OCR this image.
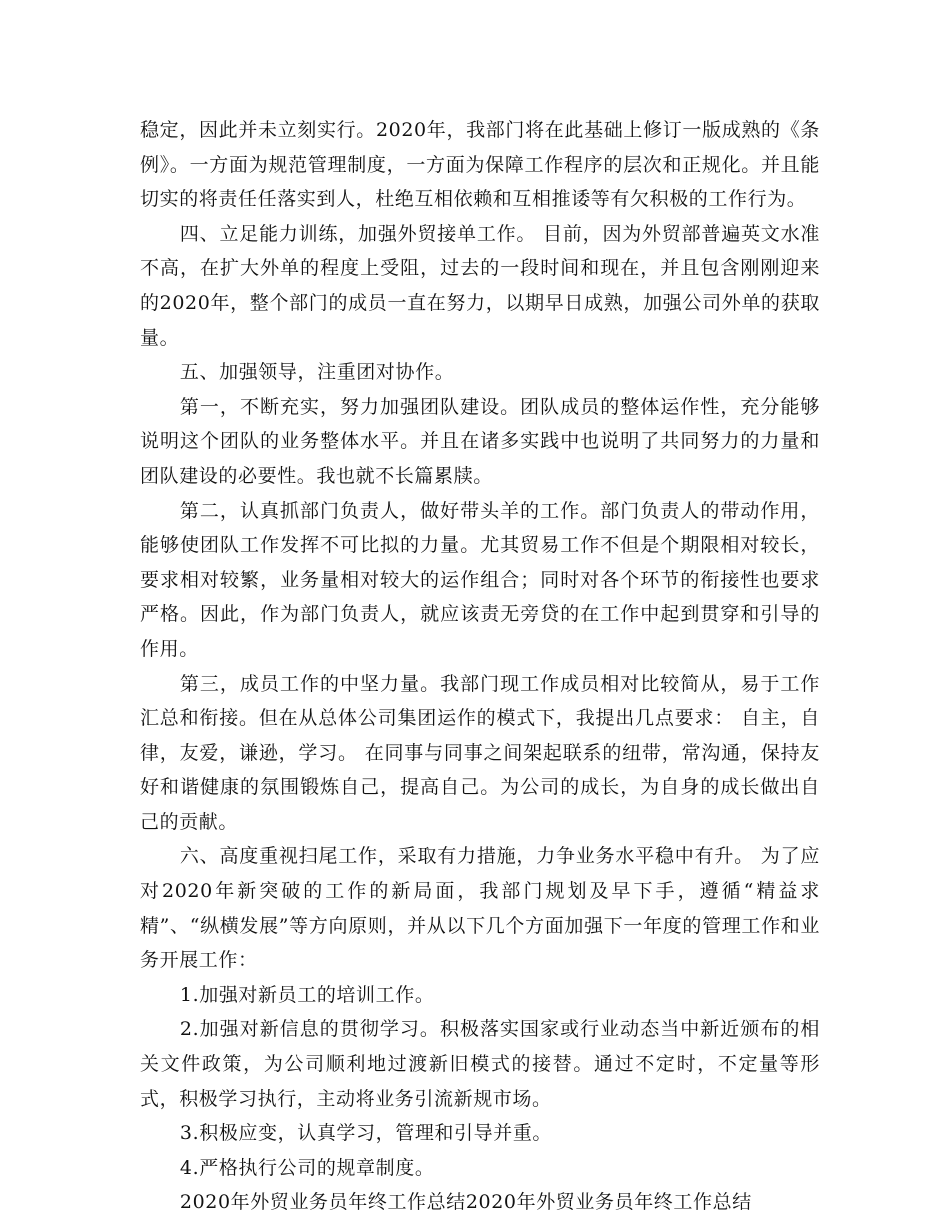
稳定，因此并未立刻实行。2020年，我部门将在此基础上修订一版成熟的《条例》。一方面为规范管理制度，一方面为保障工作程序的层次和正规化。并且能切实的将责任任落实到人，杜绝互相依赖和互相推诿等有欠积极的工作行为。

四、立足能力训练，加强外贸接单工作。 目前，因为外贸部普遍英文水准不高，在扩大外单的程度上受阻，过去的一段时间和现在，并且包含刚刚迎来的2020年，整个部门的成员一直在努力，以期早日成熟，加强公司外单的获取量。

五、加强领导，注重团对协作。

第一，不断充实，努力加强团队建设。团队成员的整体运作性，充分能够说明这个团队的业务整体水平。并且在诸多实践中也说明了共同努力的力量和团队建设的必要性。我也就不长篇累牍。

第二，认真抓部门负责人，做好带头羊的工作。部门负责人的带动作用，能够使团队工作发挥不可比拟的力量。尤其贸易工作不但是个期限相对较长，要求相对较繁，业务量相对较大的运作组合；同时对各个环节的衔接性也要求严格。因此，作为部门负责人，就应该责无旁贷的在工作中起到贯穿和引导的作用。

第三，成员工作的中坚力量。我部门现工作成员相对比较简从，易于工作汇总和衔接。但在从总体公司集团运作的模式下，我提出几点要求： 自主，自律，友爱，谦逊，学习。 在同事与同事之间架起联系的纽带，常沟通，保持友好和谐健康的氛围锻炼自己，提高自己。为公司的成长，为自身的成长做出自己的贡献。

六、高度重视扫尾工作，采取有力措施，力争业务水平稳中有升。 为了应对2020年新突破的工作的新局面，我部门规划及早下手，遵循“精益求精”、“纵横发展”等方向原则，并从以下几个方面加强下一年度的管理工作和业务开展工作：

1.加强对新员工的培训工作。

2.加强对新信息的贯彻学习。积极落实国家或行业动态当中新近颁布的相关文件政策，为公司顺利地过渡新旧模式的接替。通过不定时，不定量等形式，积极学习执行，主动将业务引流新规市场。

3.积极应变，认真学习，管理和引导并重。

4.严格执行公司的规章制度。

2020年外贸业务员年终工作总结2020年外贸业务员年终工作总结
